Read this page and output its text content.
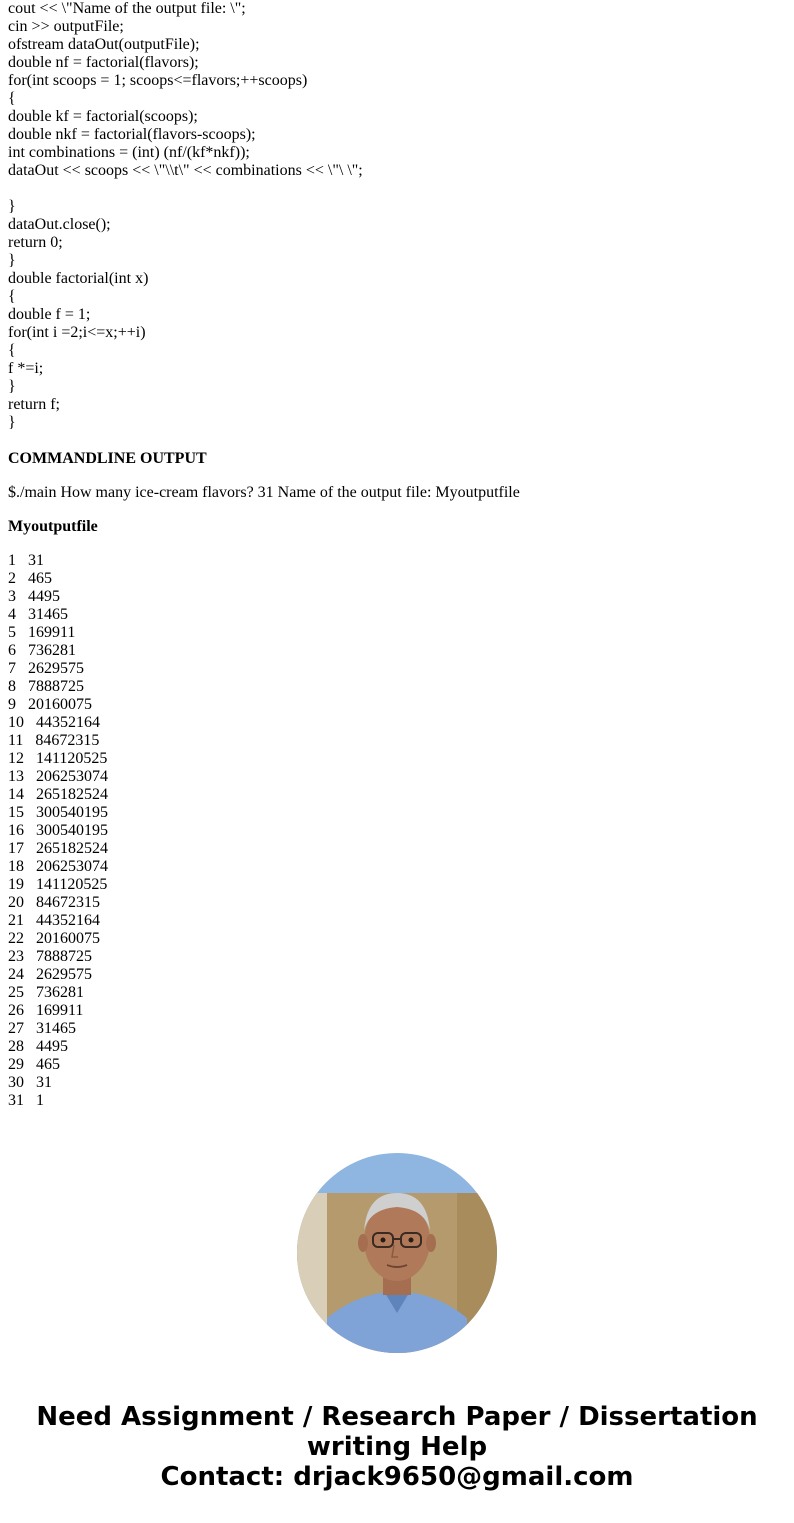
cout << \"Name of the output file: \";
cin >> outputFile;
ofstream dataOut(outputFile);
double nf = factorial(flavors);
for(int scoops = 1; scoops<=flavors;++scoops)
{
double kf = factorial(scoops);
double nkf = factorial(flavors-scoops);
int combinations = (int) (nf/(kf*nkf));
dataOut << scoops << \"\\t\" << combinations << \"\ \";
}
dataOut.close();
return 0;
}
double factorial(int x)
{
double f = 1;
for(int i =2;i<=x;++i)
{
f *=i;
}
return f;
}

COMMANDLINE OUTPUT

$./main How many ice-cream flavors? 31 Name of the output file: Myoutputfile

Myoutputfile

1 31
2 465
3 4495
4 31465
5 169911
6 736281
7 2629575
8 7888725
9 20160075
10 44352164
11 84672315
12 141120525
13 206253074
14 265182524
15 300540195
16 300540195
17 265182524
18 206253074
19 141120525
20 84672315
21 44352164
22 20160075
23 7888725
24 2629575
25 736281
26 169911
27 31465
28 4495
29 465
30 31
31 1
Need Assignment / Research Paper / Dissertation
writing Help
Contact: drjack9650@gmail.com
